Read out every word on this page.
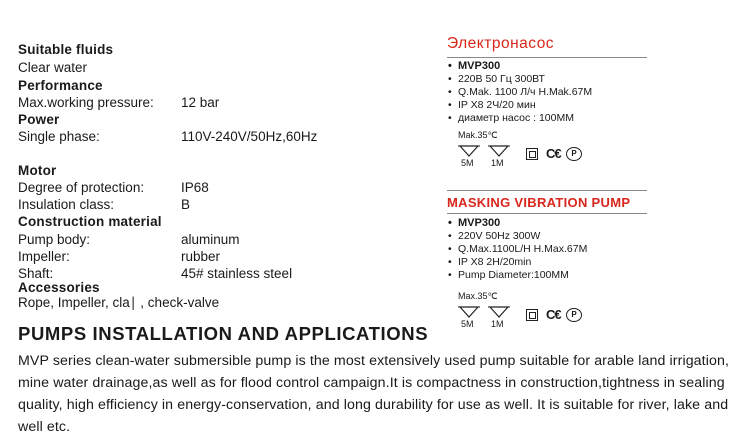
Suitable fluids
Clear water
Performance
Max.working pressure: 12 bar
Power
Single phase:	110V-240V/50Hz,60Hz
Motor
Degree of protection:	IP68
Insulation class:	B
Construction material
Pump body:	aluminum
Impeller:	rubber
Shaft:	45# stainless steel
Accessories
Rope, Impeller, cla∣ , check-valve
PUMPS INSTALLATION AND APPLICATIONS
MVP series clean-water submersible pump is the most extensively used pump suitable for arable land irrigation,
mine water drainage,as well as for flood control campaign.It is compactness in construction,tightness in sealing
quality, high efficiency in energy-conservation, and long durability for use as well. It is suitable for river, lake and
well etc.
Электронасос
• MVP300
• 220В 50 Гц 300ВТ
• Q.Mak. 1100 Л/ч H.Mak.67M
• IP X8 2Ч/20 мин
• диаметр насос : 100MM
Mak.35℃
5M 1M
C€	P
MASKING VIBRATION PUMP
• MVP300
• 220V 50Hz 300W
• Q.Max.1100L/H H.Max.67M
• IP X8 2H/20min
• Pump Diameter:100MM
Max.35℃
5M 1M
C€	P
